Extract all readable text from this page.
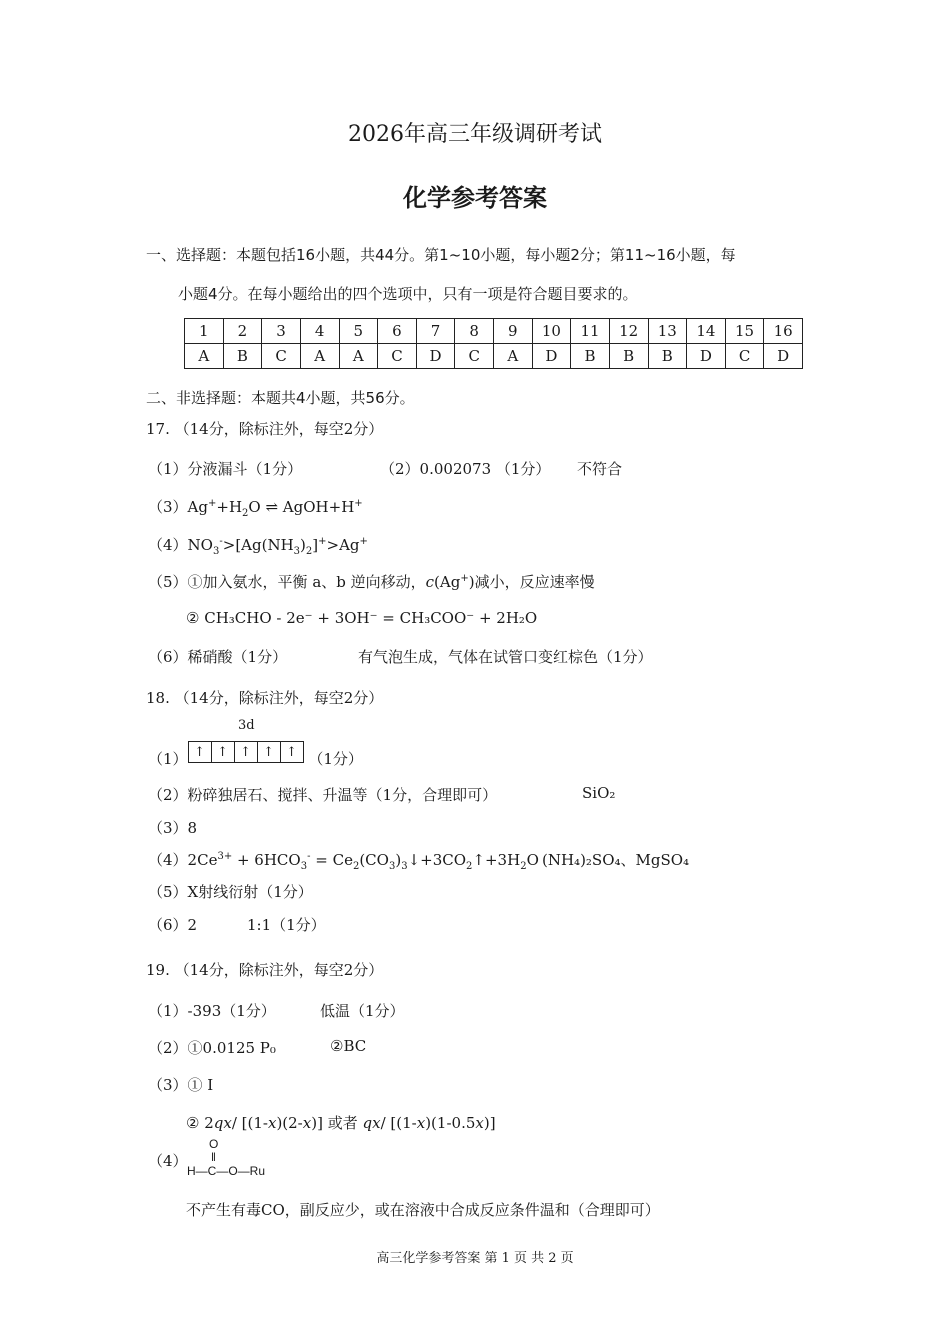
2026年高三年级调研考试
化学参考答案
一、选择题：本题包括16小题，共44分。第1~10小题，每小题2分；第11~16小题，每
小题4分。在每小题给出的四个选项中，只有一项是符合题目要求的。
1	2	3	4	5	6	7	8	9	10	11	12	13	14	15	16
A	B	C	A	A	C	D	C	A	D	B	B	B	D	C	D
二、非选择题：本题共4小题，共56分。
17. （14分，除标注外，每空2分）
（1）分液漏斗（1分）	（2）0.002073 （1分） 不符合
$(3)Ag^++H_2O$ ⇌ AgOH+H+
$(4)NO_3^->[Ag(NH_3)_2]^+>Ag^+$
（5）①加入氨水，平衡 a、b 逆向移动，c(Ag+)减小，反应速率慢
② CH₃CHO - 2e⁻ + 3OH⁻ = CH₃COO⁻ + 2H₂O
（6）稀硝酸（1分）	有气泡生成，气体在试管口变红棕色（1分）
18. （14分，除标注外，每空2分）
3d
（1） ↑ ↑ ↑ ↑ ↑ （1分）
（2）粉碎独居石、搅拌、升温等（1分，合理即可）	SiO₂
（3）8
$(4)2Ce^{3+} + 6HCO_3^-$ = $Ce_2(CO_3)_3↓+3CO_2↑+3H_2O$ (NH₄)₂SO₄、MgSO₄
（5）X射线衍射（1分）
（6）2	1:1（1分）
19. （14分，除标注外，每空2分）
（1）-393（1分）	低温（1分）
（2）①0.0125 P₀	②BC
（3）① I
② 2qx/ [(1-x)(2-x)] 或者 qx/ [(1-x)(1-0.5x)]
（4）
O
‖
H—C—O—Ru
不产生有毒CO，副反应少，或在溶液中合成反应条件温和（合理即可）
高三化学参考答案 第 1 页 共 2 页
